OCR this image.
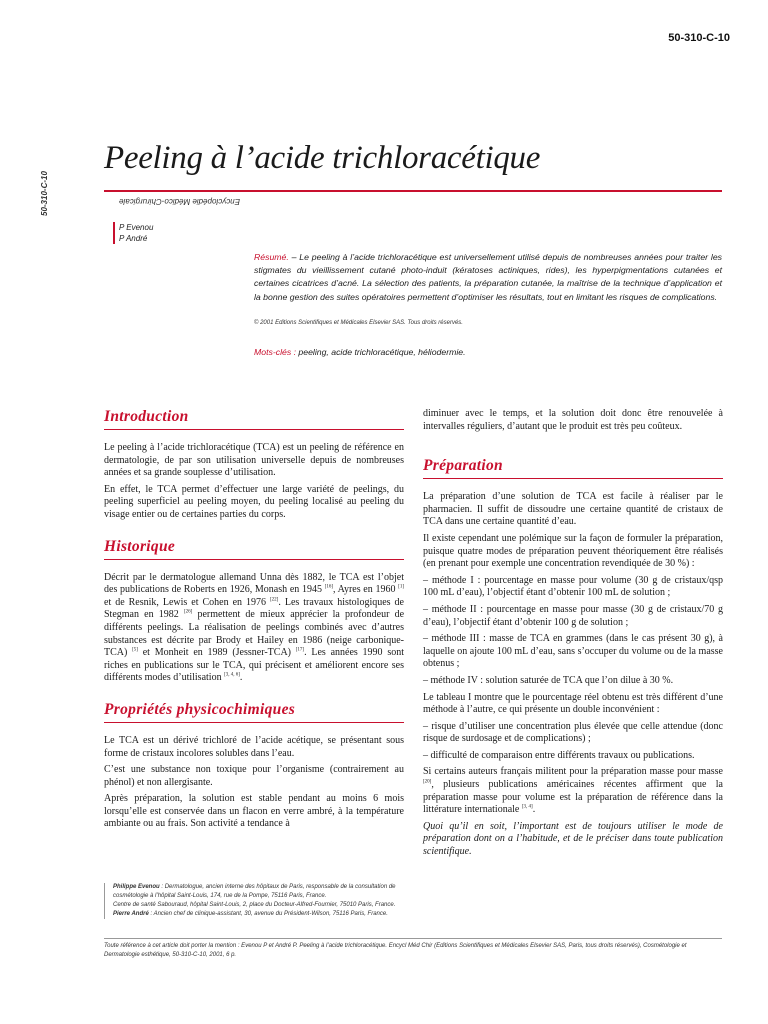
Encyclopédie Médico-Chirurgicale
50-310-C-10
50-310-C-10
Peeling à l’acide trichloracétique
P Evenou
P André
Résumé. – Le peeling à l’acide trichloracétique est universellement utilisé depuis de nombreuses années pour traiter les stigmates du vieillissement cutané photo-induit (kératoses actiniques, rides), les hyperpigmentations cutanées et certaines cicatrices d’acné. La sélection des patients, la préparation cutanée, la maîtrise de la technique d’application et la bonne gestion des suites opératoires permettent d’optimiser les résultats, tout en limitant les risques de complications.
© 2001 Editions Scientifiques et Médicales Elsevier SAS. Tous droits réservés.
Mots-clés : peeling, acide trichloracétique, héliodermie.
Introduction

Le peeling à l’acide trichloracétique (TCA) est un peeling de référence en dermatologie, de par son utilisation universelle depuis de nombreuses années et sa grande souplesse d’utilisation.

En effet, le TCA permet d’effectuer une large variété de peelings, du peeling superficiel au peeling moyen, du peeling localisé au peeling du visage entier ou de certaines parties du corps.

Historique

Décrit par le dermatologue allemand Unna dès 1882, le TCA est l’objet des publications de Roberts en 1926, Monash en 1945 [16], Ayres en 1960 [1] et de Resnik, Lewis et Cohen en 1976 [22]. Les travaux histologiques de Stegman en 1982 [26] permettent de mieux apprécier la profondeur de différents peelings. La réalisation de peelings combinés avec d’autres substances est décrite par Brody et Hailey en 1986 (neige carbonique-TCA) [5] et Monheit en 1989 (Jessner-TCA) [17]. Les années 1990 sont riches en publications sur le TCA, qui précisent et améliorent encore ses différents modes d’utilisation [3, 4, 6].

Propriétés physicochimiques

Le TCA est un dérivé trichloré de l’acide acétique, se présentant sous forme de cristaux incolores solubles dans l’eau.

C’est une substance non toxique pour l’organisme (contrairement au phénol) et non allergisante.

Après préparation, la solution est stable pendant au moins 6 mois lorsqu’elle est conservée dans un flacon en verre ambré, à la température ambiante ou au frais. Son activité a tendance à

diminuer avec le temps, et la solution doit donc être renouvelée à intervalles réguliers, d’autant que le produit est très peu coûteux.

Préparation

La préparation d’une solution de TCA est facile à réaliser par le pharmacien. Il suffit de dissoudre une certaine quantité de cristaux de TCA dans une certaine quantité d’eau.

Il existe cependant une polémique sur la façon de formuler la préparation, puisque quatre modes de préparation peuvent théoriquement être réalisés (en prenant pour exemple une concentration revendiquée de 30 %) :

– méthode I : pourcentage en masse pour volume (30 g de cristaux/qsp 100 mL d’eau), l’objectif étant d’obtenir 100 mL de solution ;

– méthode II : pourcentage en masse pour masse (30 g de cristaux/70 g d’eau), l’objectif étant d’obtenir 100 g de solution ;

– méthode III : masse de TCA en grammes (dans le cas présent 30 g), à laquelle on ajoute 100 mL d’eau, sans s’occuper du volume ou de la masse obtenus ;

– méthode IV : solution saturée de TCA que l’on dilue à 30 %.

Le tableau I montre que le pourcentage réel obtenu est très différent d’une méthode à l’autre, ce qui présente un double inconvénient :

– risque d’utiliser une concentration plus élevée que celle attendue (donc risque de surdosage et de complications) ;

– difficulté de comparaison entre différents travaux ou publications.

Si certains auteurs français militent pour la préparation masse pour masse [20], plusieurs publications américaines récentes affirment que la préparation masse pour volume est la préparation de référence dans la littérature internationale [3, 4].

Quoi qu’il en soit, l’important est de toujours utiliser le mode de préparation dont on a l’habitude, et de le préciser dans toute publication scientifique.

Philippe Evenou : Dermatologue, ancien interne des hôpitaux de Paris, responsable de la consultation de cosmétologie à l’hôpital Saint-Louis, 174, rue de la Pompe, 75116 Paris, France.
Centre de santé Sabouraud, hôpital Saint-Louis, 2, place du Docteur-Alfred-Fournier, 75010 Paris, France.
Pierre André : Ancien chef de clinique-assistant, 30, avenue du Président-Wilson, 75116 Paris, France.
Toute référence à cet article doit porter la mention : Evenou P et André P. Peeling à l’acide trichloracétique. Encycl Méd Chir (Editions Scientifiques et Médicales Elsevier SAS, Paris, tous droits réservés), Cosmétologie et Dermatologie esthétique, 50-310-C-10, 2001, 6 p.
